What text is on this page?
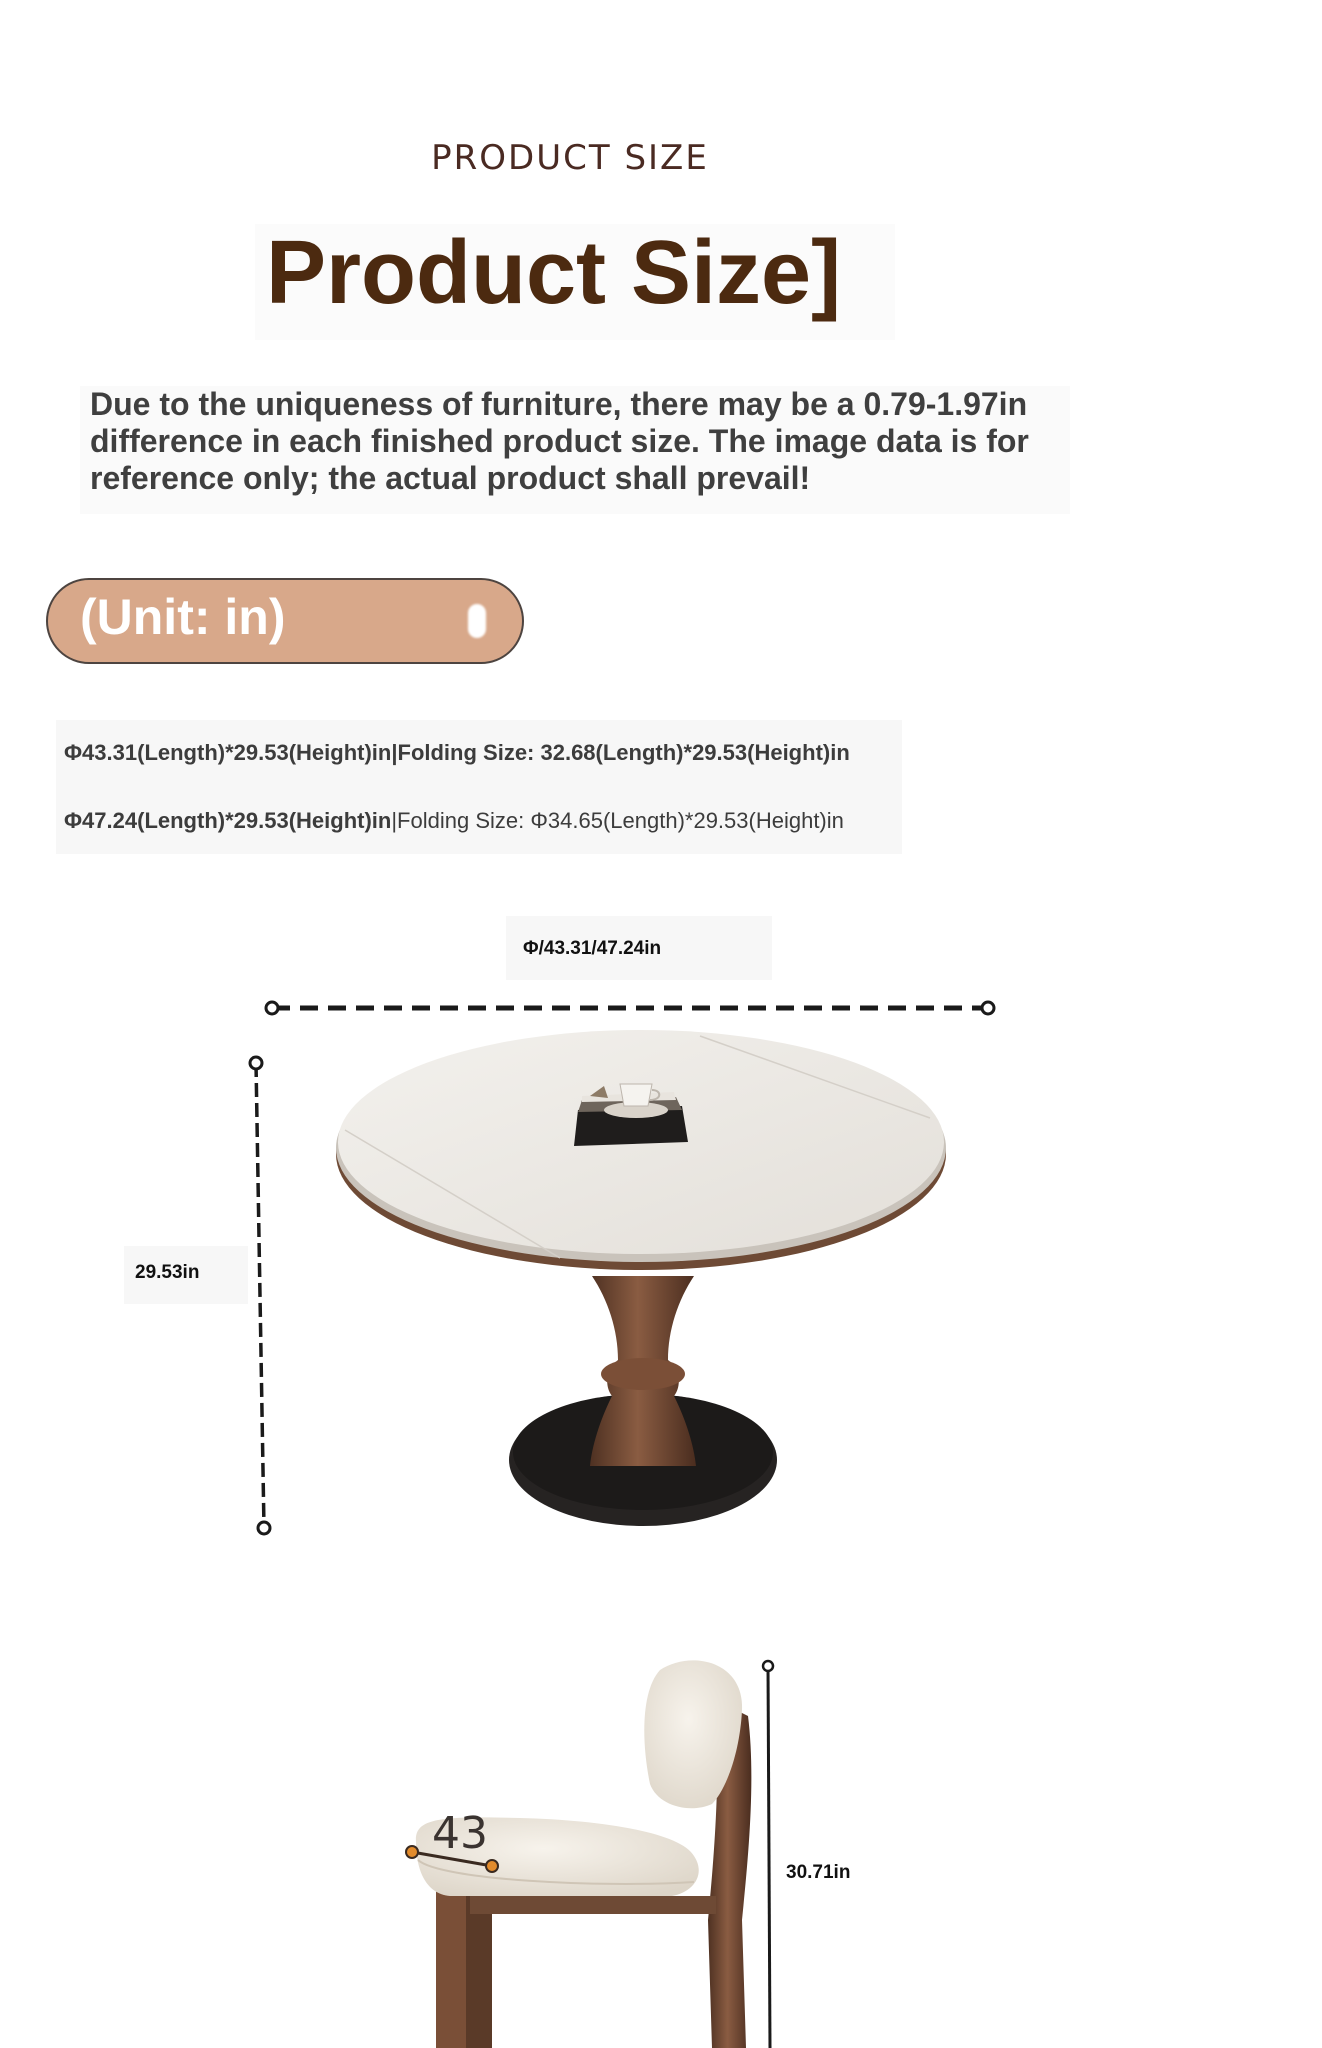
PRODUCT SIZE
Product Size]
Due to the uniqueness of furniture, there may be a 0.79-1.97in difference in each finished product size. The image data is for reference only; the actual product shall prevail!
(Unit: in)
Φ43.31(Length)*29.53(Height)in|Folding Size: 32.68(Length)*29.53(Height)in
Φ47.24(Length)*29.53(Height)in|Folding Size: Φ34.65(Length)*29.53(Height)in
Φ/43.31/47.24in
29.53in
43
30.71in
